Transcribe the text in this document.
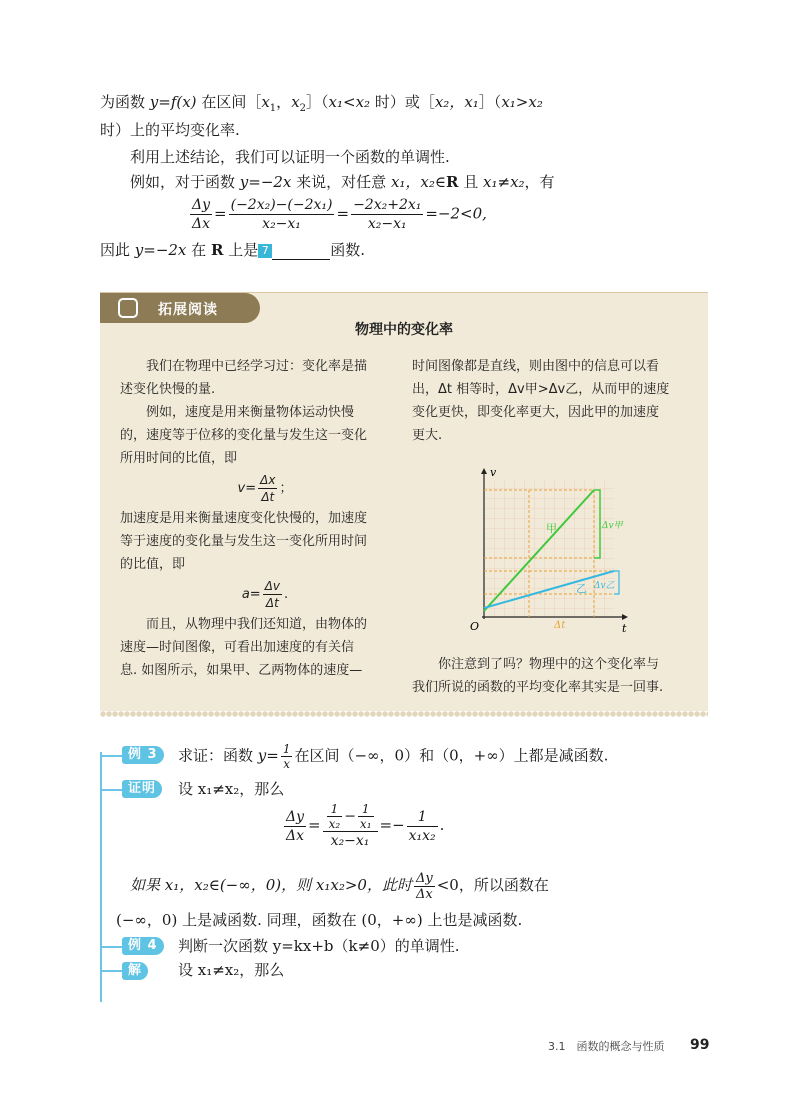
为函数 y=f(x) 在区间$[x_1$，$x_2](x_1<x_2$ 时）或［x₂，x₁］（x₁>x₂
时）上的平均变化率.
利用上述结论，我们可以证明一个函数的单调性.
例如，对于函数 y=−2x 来说，对任意 x₁，x₂∈R 且 x₁≠x₂，有
$\frac{\Delta y}{\Delta x} = \frac{\text{(−2x₂)−(−2x₁)}}{\text{x₂−x₁}} = \frac{\text{−2x₂+2x₁}}{\text{x₂−x₁}} =-2<0$,
因此 y=−2x 在 R 上是 7	函数.
拓展阅读
物理中的变化率
　　我们在物理中已经学习过：变化率是描
述变化快慢的量.
　　例如，速度是用来衡量物体运动快慢
的，速度等于位移的变化量与发生这一变化
所用时间的比值，即
$v= \frac{\Delta x}{\Delta t}$ ；
加速度是用来衡量速度变化快慢的，加速度
等于速度的变化量与发生这一变化所用时间
的比值，即
$a= \frac{\Delta v}{\Delta t}$ .
　　而且，从物理中我们还知道，由物体的
速度—时间图像，可看出加速度的有关信
息. 如图所示，如果甲、乙两物体的速度—
时间图像都是直线，则由图中的信息可以看
出，Δt 相等时，Δv甲>Δv乙，从而甲的速度
变化更快，即变化率更大，因此甲的加速度
更大.
甲
乙
Δv甲
Δv乙
Δt
v
t
O
　　你注意到了吗？物理中的这个变化率与
我们所说的函数的平均变化率其实是一回事.
例 3	求证：函数 $y= \frac{1}{x}$ 在区间（−∞，0）和（0，+∞）上都是减函数.
证明	设 x₁≠x₂，那么
$\frac{\Delta y}{\Delta x} = \frac{\frac{1}{\text{x₂}} - \frac{1}{\text{x₁}}}{\text{x₂−x₁}} =- \frac{1}{\text{x₁x₂}}$ .
如果 x₁，x₂∈(−∞，0)，则 x₁x₂>0，此时 $\frac{\Delta y}{\Delta x} <0$，所以函数在
(−∞，0) 上是减函数. 同理，函数在 (0，+∞) 上也是减函数.
例 4	判断一次函数 y=kx+b（k≠0）的单调性.
解	设 x₁≠x₂，那么
3.1　函数的概念与性质 99
